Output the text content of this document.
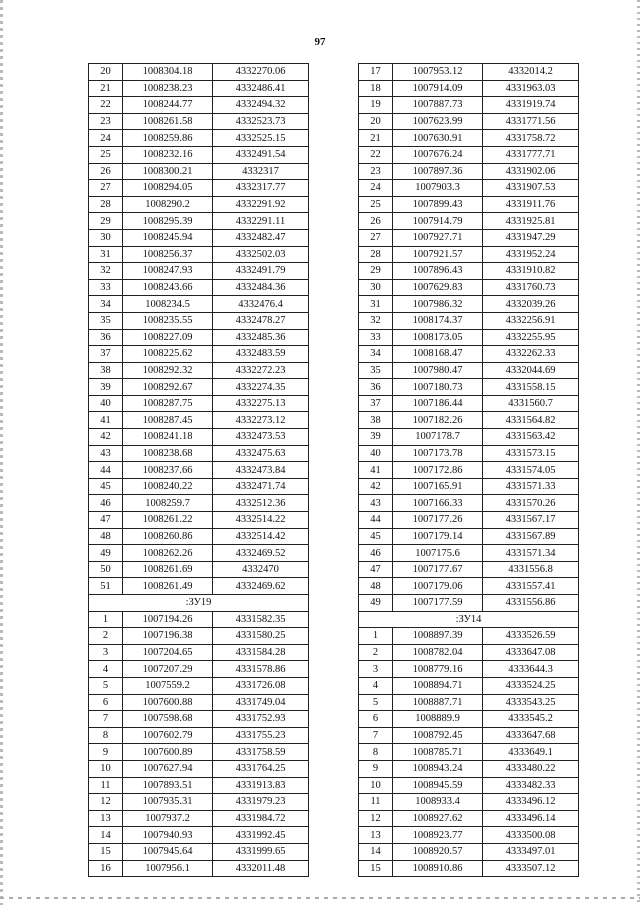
97
20	1008304.18	4332270.06
21	1008238.23	4332486.41
22	1008244.77	4332494.32
23	1008261.58	4332523.73
24	1008259.86	4332525.15
25	1008232.16	4332491.54
26	1008300.21	4332317
27	1008294.05	4332317.77
28	1008290.2	4332291.92
29	1008295.39	4332291.11
30	1008245.94	4332482.47
31	1008256.37	4332502.03
32	1008247.93	4332491.79
33	1008243.66	4332484.36
34	1008234.5	4332476.4
35	1008235.55	4332478.27
36	1008227.09	4332485.36
37	1008225.62	4332483.59
38	1008292.32	4332272.23
39	1008292.67	4332274.35
40	1008287.75	4332275.13
41	1008287.45	4332273.12
42	1008241.18	4332473.53
43	1008238.68	4332475.63
44	1008237.66	4332473.84
45	1008240.22	4332471.74
46	1008259.7	4332512.36
47	1008261.22	4332514.22
48	1008260.86	4332514.42
49	1008262.26	4332469.52
50	1008261.69	4332470
51	1008261.49	4332469.62
:ЗУ19		
1	1007194.26	4331582.35
2	1007196.38	4331580.25
3	1007204.65	4331584.28
4	1007207.29	4331578.86
5	1007559.2	4331726.08
6	1007600.88	4331749.04
7	1007598.68	4331752.93
8	1007602.79	4331755.23
9	1007600.89	4331758.59
10	1007627.94	4331764.25
11	1007893.51	4331913.83
12	1007935.31	4331979.23
13	1007937.2	4331984.72
14	1007940.93	4331992.45
15	1007945.64	4331999.65
16	1007956.1	4332011.48
17	1007953.12	4332014.2
18	1007914.09	4331963.03
19	1007887.73	4331919.74
20	1007623.99	4331771.56
21	1007630.91	4331758.72
22	1007676.24	4331777.71
23	1007897.36	4331902.06
24	1007903.3	4331907.53
25	1007899.43	4331911.76
26	1007914.79	4331925.81
27	1007927.71	4331947.29
28	1007921.57	4331952.24
29	1007896.43	4331910.82
30	1007629.83	4331760.73
31	1007986.32	4332039.26
32	1008174.37	4332256.91
33	1008173.05	4332255.95
34	1008168.47	4332262.33
35	1007980.47	4332044.69
36	1007180.73	4331558.15
37	1007186.44	4331560.7
38	1007182.26	4331564.82
39	1007178.7	4331563.42
40	1007173.78	4331573.15
41	1007172.86	4331574.05
42	1007165.91	4331571.33
43	1007166.33	4331570.26
44	1007177.26	4331567.17
45	1007179.14	4331567.89
46	1007175.6	4331571.34
47	1007177.67	4331556.8
48	1007179.06	4331557.41
49	1007177.59	4331556.86
:ЗУ14		
1	1008897.39	4333526.59
2	1008782.04	4333647.08
3	1008779.16	4333644.3
4	1008894.71	4333524.25
5	1008887.71	4333543.25
6	1008889.9	4333545.2
7	1008792.45	4333647.68
8	1008785.71	4333649.1
9	1008943.24	4333480.22
10	1008945.59	4333482.33
11	1008933.4	4333496.12
12	1008927.62	4333496.14
13	1008923.77	4333500.08
14	1008920.57	4333497.01
15	1008910.86	4333507.12
